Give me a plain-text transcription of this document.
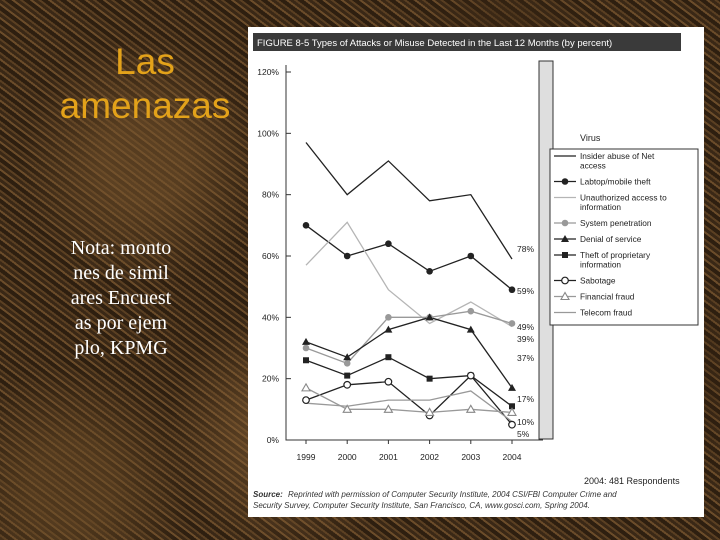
Las amenazas
Nota: montones de similares Encuestas por ejemplo, KPMG
FIGURE 8-5 Types of Attacks or Misuse Detected in the Last 12 Months (by percent)
0%
20%
40%
60%
80%
100%
120%
1999	2000	2001	2002	2003	2004
78%
59%
49%
39%
37%
17%
10%
5%
Virus
Insider abuse of Net access
Labtop/mobile theft
Unauthorized access to information
System penetration
Denial of service
Theft of proprietary information
Sabotage
Financial fraud
Telecom fraud
2004: 481 Respondents
Source: Reprinted with permission of Computer Security Institute, 2004 CSI/FBI Computer Crime and Security Survey, Computer Security Institute, San Francisco, CA, www.gosci.com, Spring 2004.
